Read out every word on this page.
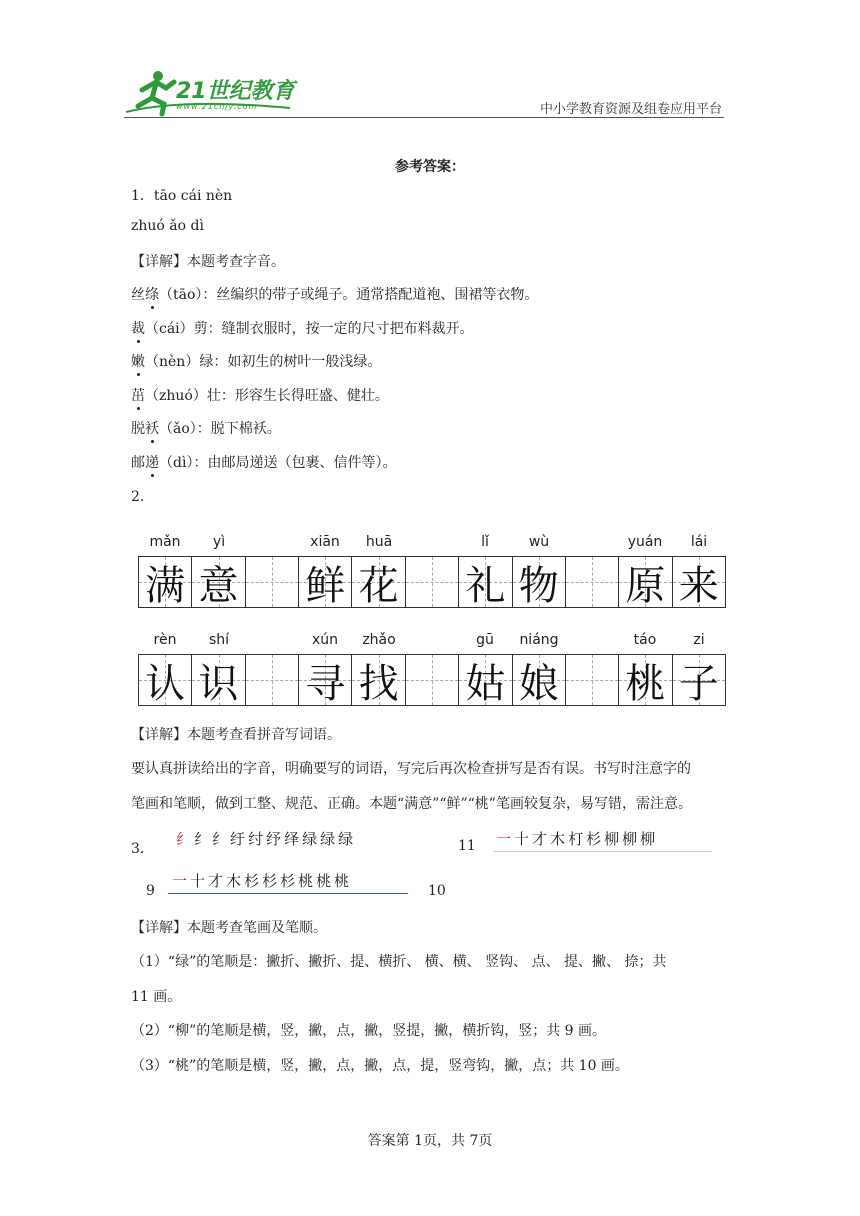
21世纪教育
www.21cnjy.com	中小学教育资源及组卷应用平台
参考答案：
1．tāo cái nèn
zhuó ǎo dì
【详解】本题考查字音。
丝绦（tāo）：丝编织的带子或绳子。通常搭配道袍、围裙等衣物。
裁（cái）剪：缝制衣服时，按一定的尺寸把布料裁开。
嫩（nèn）绿：如初生的树叶一般浅绿。
茁（zhuó）壮：形容生长得旺盛、健壮。
脱袄（ǎo）：脱下棉袄。
邮递（dì）：由邮局递送（包裹、信件等）。
2．
mǎn	yì	xiān	huā	lǐ	wù	yuán	lái
满 意 鲜 花 礼 物 原 来
rèn	shí	xún	zhǎo	gū	niáng	táo	zi
认 识 寻 找 姑 娘 桃 子
【详解】本题考查看拼音写词语。
要认真拼读给出的字音，明确要写的词语，写完后再次检查拼写是否有误。书写时注意字的
笔画和笔顺，做到工整、规范、正确。本题“满意”“鲜”“桃”笔画较复杂，易写错，需注意。
3．
纟纟纟纡纣纾绎绿绿绿	11 一十才木朾杉柳柳柳
9
一十才木杉杉杉桃桃桃
10
【详解】本题考查笔画及笔顺。
（1）“绿”的笔顺是：撇折、撇折、提、横折、 横、横、 竖钩、 点、 提、撇、 捺；共
11 画。
（2）“柳”的笔顺是横，竖，撇，点，撇，竖提，撇，横折钩，竖；共 9 画。
（3）“桃”的笔顺是横，竖，撇，点，撇，点，提，竖弯钩，撇，点；共 10 画。
答案第 1页，共 7页
